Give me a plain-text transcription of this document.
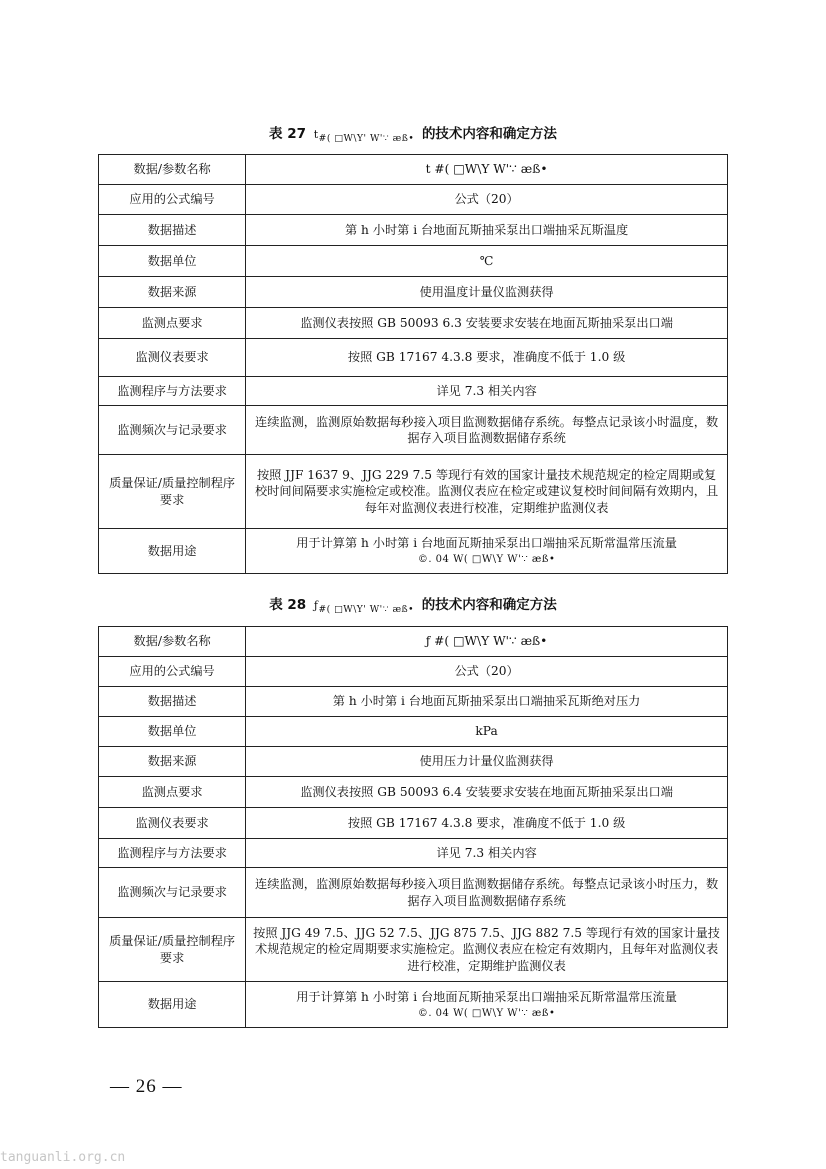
表 27 $t_{\#( □W\backslash Y' W'\because æß•}$ 的技术内容和确定方法
数据/参数名称	t #( □W\Y W'∵ æß•
应用的公式编号	公式（20）
数据描述	第 h 小时第 i 台地面瓦斯抽采泵出口端抽采瓦斯温度
数据单位	℃
数据来源	使用温度计量仪监测获得
监测点要求	监测仪表按照 GB 50093 6.3 安装要求安装在地面瓦斯抽采泵出口端
监测仪表要求	按照 GB 17167 4.3.8 要求，准确度不低于 1.0 级
监测程序与方法要求	详见 7.3 相关内容
监测频次与记录要求	连续监测，监测原始数据每秒接入项目监测数据储存系统。每整点记录该小时温度，数据存入项目监测数据储存系统
质量保证/质量控制程序要求	按照 JJF 1637 9、JJG 229 7.5 等现行有效的国家计量技术规范规定的检定周期或复校时间间隔要求实施检定或校准。监测仪表应在检定或建议复校时间间隔有效期内，且每年对监测仪表进行校准，定期维护监测仪表
数据用途	用于计算第 h 小时第 i 台地面瓦斯抽采泵出口端抽采瓦斯常温常压流量
©. 04 W( □W\Y W'∵ æß•
表 28 $ƒ_{\#( □W\backslash Y' W'\because æß•}$ 的技术内容和确定方法
数据/参数名称	ƒ #( □W\Y W'∵ æß•
应用的公式编号	公式（20）
数据描述	第 h 小时第 i 台地面瓦斯抽采泵出口端抽采瓦斯绝对压力
数据单位	kPa
数据来源	使用压力计量仪监测获得
监测点要求	监测仪表按照 GB 50093 6.4 安装要求安装在地面瓦斯抽采泵出口端
监测仪表要求	按照 GB 17167 4.3.8 要求，准确度不低于 1.0 级
监测程序与方法要求	详见 7.3 相关内容
监测频次与记录要求	连续监测，监测原始数据每秒接入项目监测数据储存系统。每整点记录该小时压力，数据存入项目监测数据储存系统
质量保证/质量控制程序要求	按照 JJG 49 7.5、JJG 52 7.5、JJG 875 7.5、JJG 882 7.5 等现行有效的国家计量技术规范规定的检定周期要求实施检定。监测仪表应在检定有效期内，且每年对监测仪表进行校准，定期维护监测仪表
数据用途	用于计算第 h 小时第 i 台地面瓦斯抽采泵出口端抽采瓦斯常温常压流量
©. 04 W( □W\Y W'∵ æß•
— 26 —
tanguanli.org.cn
